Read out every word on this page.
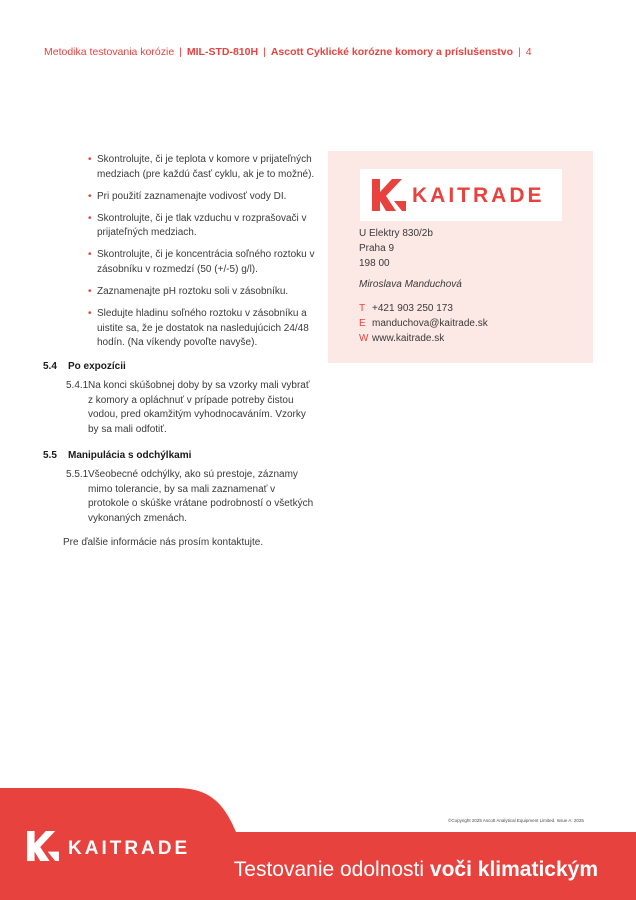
Metodika testovania korózie | MIL-STD-810H | Ascott Cyklické korózne komory a príslušenstvo | 4
• Skontrolujte, či je teplota v komore v prijateľných medziach (pre každú časť cyklu, ak je to možné).
• Pri použití zaznamenajte vodivosť vody DI.
• Skontrolujte, či je tlak vzduchu v rozprašovači v prijateľných medziach.
• Skontrolujte, či je koncentrácia soľného roztoku v zásobníku v rozmedzí (50 (+/-5) g/l).
• Zaznamenajte pH roztoku soli v zásobníku.
• Sledujte hladinu soľného roztoku v zásobníku a uistite sa, že je dostatok na nasledujúcich 24/48 hodín. (Na víkendy povoľte navyše).
5.4 Po expozícii
5.4.1 Na konci skúšobnej doby by sa vzorky mali vybrať z komory a opláchnuť v prípade potreby čistou vodou, pred okamžitým vyhodnocaváním. Vzorky by sa mali odfotiť.
5.5 Manipulácia s odchýlkami
5.5.1 Všeobecné odchýlky, ako sú prestoje, záznamy mimo tolerancie, by sa mali zaznamenať v protokole o skúške vrátane podrobností o všetkých vykonaných zmenách.
Pre ďalšie informácie nás prosím kontaktujte.
KAITRADE
U Elektry 830/2b
Praha 9
198 00
Miroslava Manduchová
T +421 903 250 173
E manduchova@kaitrade.sk
W www.kaitrade.sk
KAITRADE
©Copyright 2025 Ascott Analytical Equipment Limited. Issue A: 2025
Testovanie odolnosti voči klimatickým
